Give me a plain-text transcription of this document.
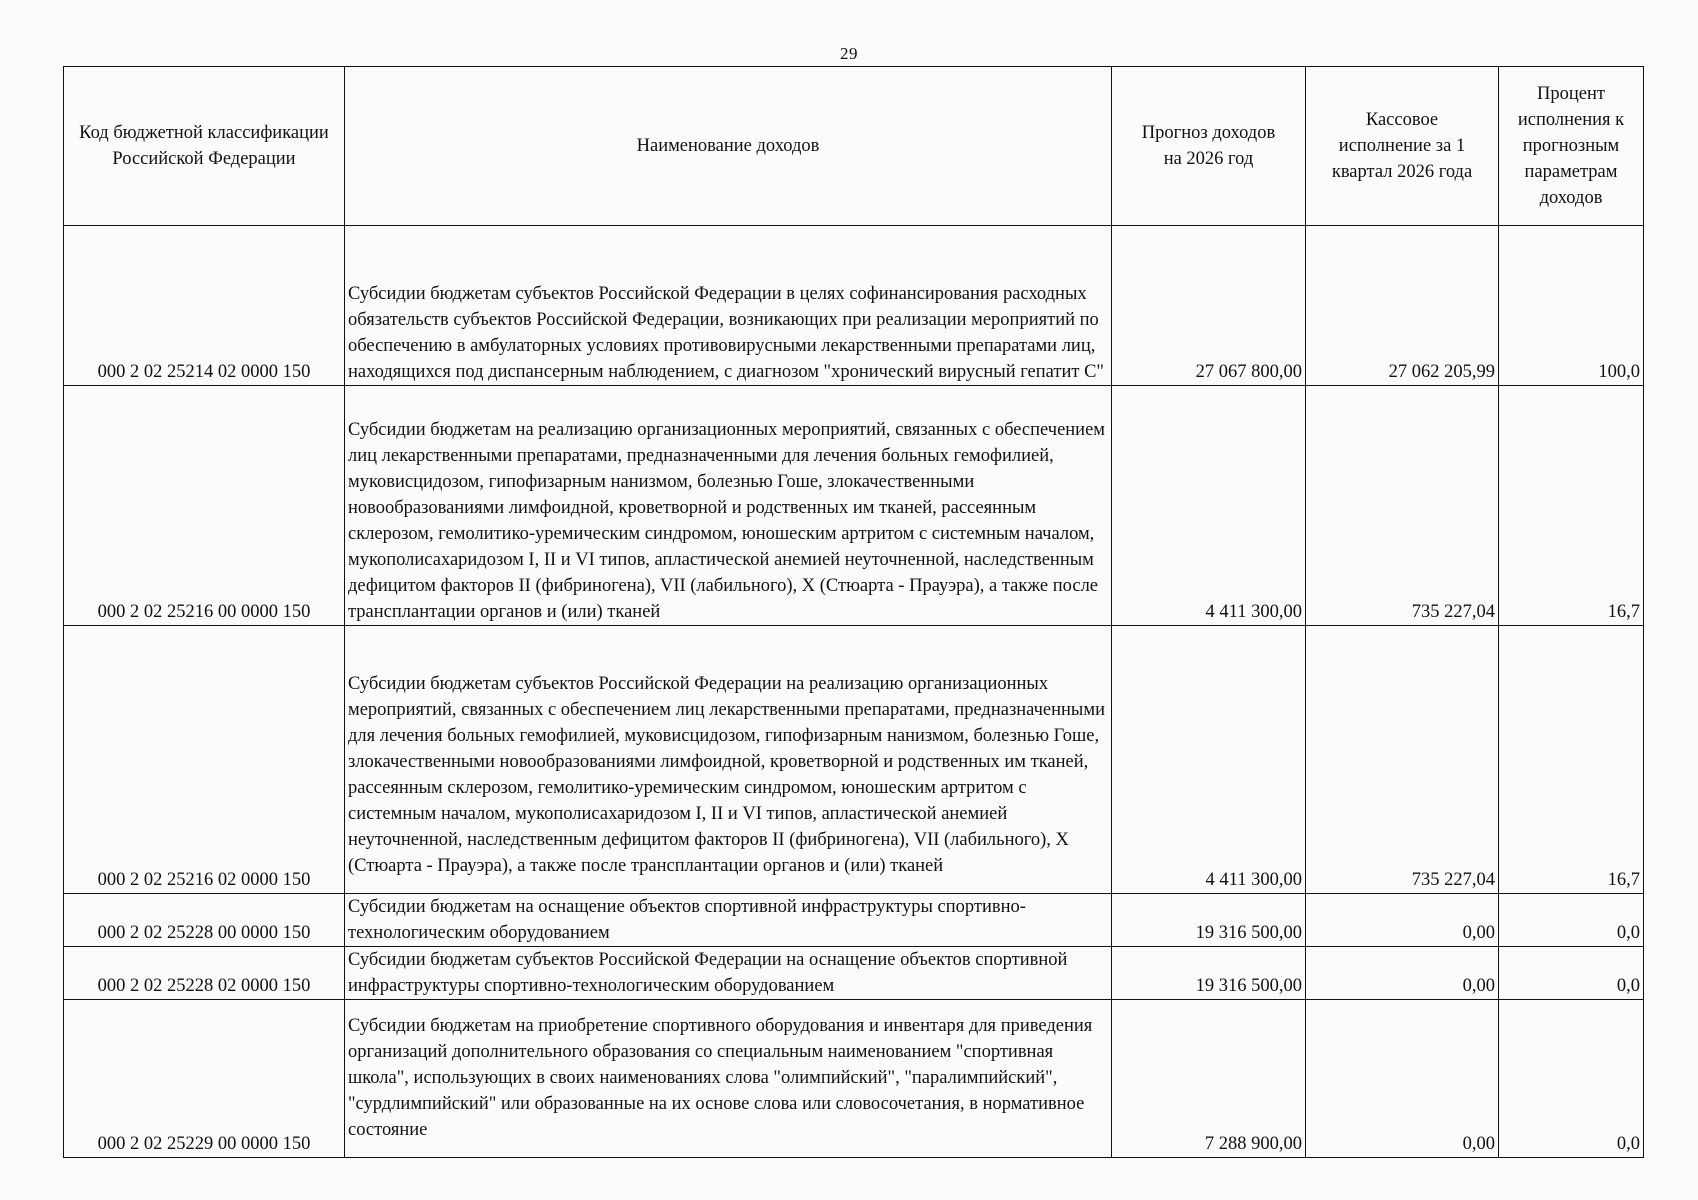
29
Код бюджетной классификации Российской Федерации	Наименование доходов	Прогноз доходов на 2026 год	Кассовое исполнение за 1 квартал 2026 года	Процент исполнения к прогнозным параметрам доходов
000 2 02 25214 02 0000 150	Субсидии бюджетам субъектов Российской Федерации в целях софинансирования расходных обязательств субъектов Российской Федерации, возникающих при реализации мероприятий по обеспечению в амбулаторных условиях противовирусными лекарственными препаратами лиц, находящихся под диспансерным наблюдением, с диагнозом "хронический вирусный гепатит С"	27 067 800,00	27 062 205,99	100,0
000 2 02 25216 00 0000 150	Субсидии бюджетам на реализацию организационных мероприятий, связанных с обеспечением лиц лекарственными препаратами, предназначенными для лечения больных гемофилией, муковисцидозом, гипофизарным нанизмом, болезнью Гоше, злокачественными новообразованиями лимфоидной, кроветворной и родственных им тканей, рассеянным склерозом, гемолитико-уремическим синдромом, юношеским артритом с системным началом, мукополисахаридозом I, II и VI типов, апластической анемией неуточненной, наследственным дефицитом факторов II (фибриногена), VII (лабильного), X (Стюарта - Прауэра), а также после трансплантации органов и (или) тканей	4 411 300,00	735 227,04	16,7
000 2 02 25216 02 0000 150	Субсидии бюджетам субъектов Российской Федерации на реализацию организационных мероприятий, связанных с обеспечением лиц лекарственными препаратами, предназначенными для лечения больных гемофилией, муковисцидозом, гипофизарным нанизмом, болезнью Гоше, злокачественными новообразованиями лимфоидной, кроветворной и родственных им тканей, рассеянным склерозом, гемолитико-уремическим синдромом, юношеским артритом с системным началом, мукополисахаридозом I, II и VI типов, апластической анемией неуточненной, наследственным дефицитом факторов II (фибриногена), VII (лабильного), X (Стюарта - Прауэра), а также после трансплантации органов и (или) тканей	4 411 300,00	735 227,04	16,7
000 2 02 25228 00 0000 150	Субсидии бюджетам на оснащение объектов спортивной инфраструктуры спортивно-технологическим оборудованием	19 316 500,00	0,00	0,0
000 2 02 25228 02 0000 150	Субсидии бюджетам субъектов Российской Федерации на оснащение объектов спортивной инфраструктуры спортивно-технологическим оборудованием	19 316 500,00	0,00	0,0
000 2 02 25229 00 0000 150	Субсидии бюджетам на приобретение спортивного оборудования и инвентаря для приведения организаций дополнительного образования со специальным наименованием "спортивная школа", использующих в своих наименованиях слова "олимпийский", "паралимпийский", "сурдлимпийский" или образованные на их основе слова или словосочетания, в нормативное состояние	7 288 900,00	0,00	0,0
